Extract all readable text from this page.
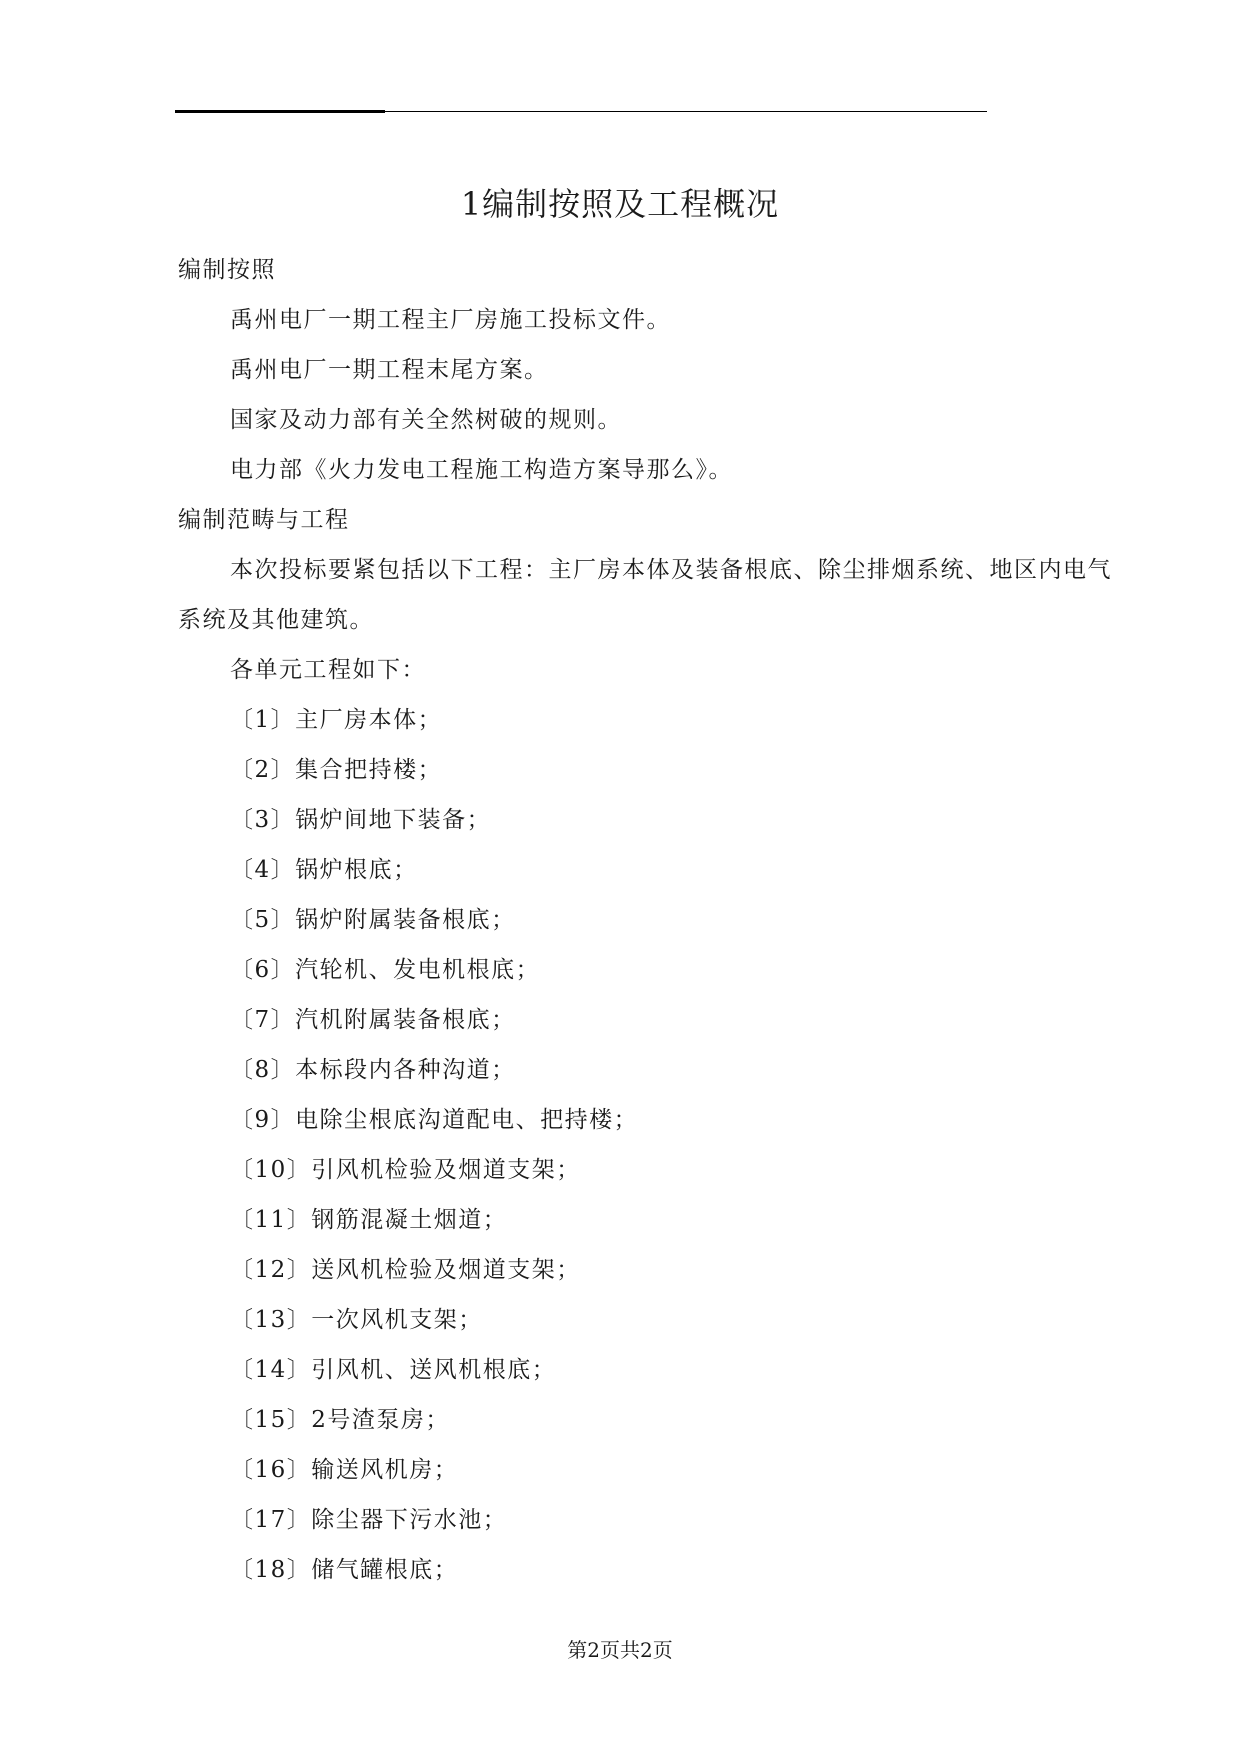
1编制按照及工程概况
编制按照
禹州电厂一期工程主厂房施工投标文件。
禹州电厂一期工程末尾方案。
国家及动力部有关全然树破的规则。
电力部《火力发电工程施工构造方案导那么》。
编制范畴与工程

本次投标要紧包括以下工程：主厂房本体及装备根底、除尘排烟系统、地区内电气系统及其他建筑。

各单元工程如下：
〔1〕主厂房本体；
〔2〕集合把持楼；
〔3〕锅炉间地下装备；
〔4〕锅炉根底；
〔5〕锅炉附属装备根底；
〔6〕汽轮机、发电机根底；
〔7〕汽机附属装备根底；
〔8〕本标段内各种沟道；
〔9〕电除尘根底沟道配电、把持楼；
〔10〕引风机检验及烟道支架；
〔11〕钢筋混凝土烟道；
〔12〕送风机检验及烟道支架；
〔13〕一次风机支架；
〔14〕引风机、送风机根底；
〔15〕2号渣泵房；
〔16〕输送风机房；
〔17〕除尘器下污水池；
〔18〕储气罐根底；
第2页共2页
